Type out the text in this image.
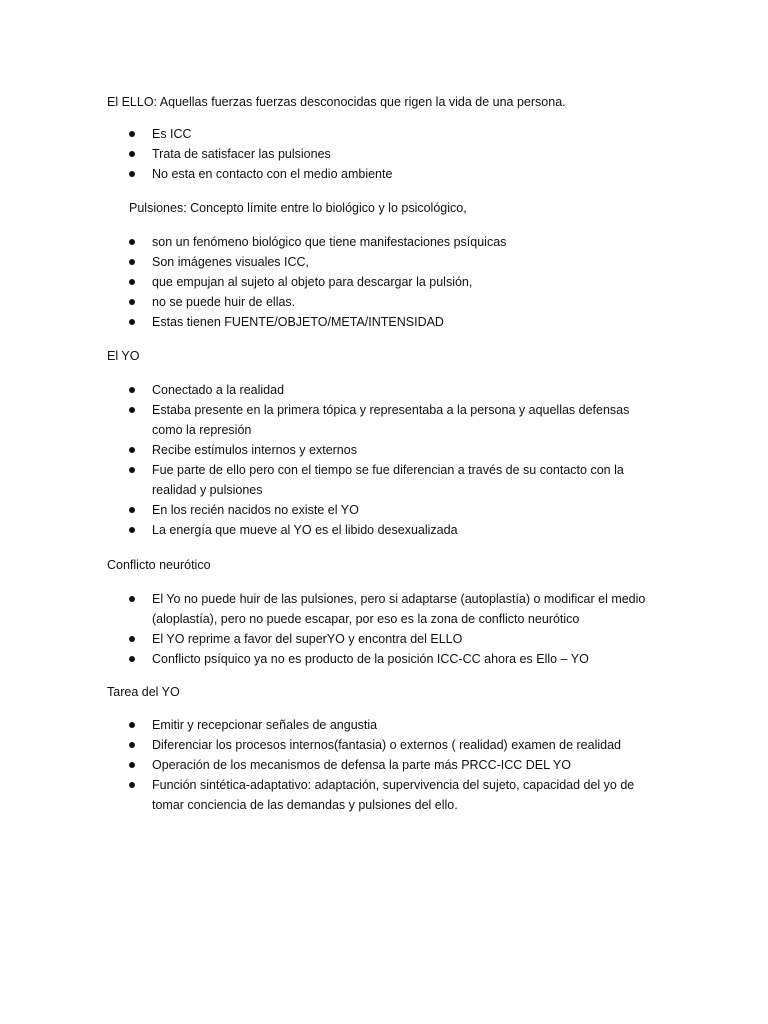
El ELLO: Aquellas fuerzas fuerzas desconocidas que rigen la vida de una persona.
Es ICC
Trata de satisfacer las pulsiones
No esta en contacto con el medio ambiente
Pulsiones: Concepto límite entre lo biológico y lo psicológico,
son un fenómeno biológico que tiene manifestaciones psíquicas
Son imágenes visuales ICC,
que empujan al sujeto al objeto para descargar la pulsión,
no se puede huir de ellas.
Estas tienen FUENTE/OBJETO/META/INTENSIDAD
El YO
Conectado a la realidad
Estaba presente en la primera tópica y representaba a la persona y aquellas defensas como la represión
Recibe estímulos internos y externos
Fue parte de ello pero con el tiempo se fue diferencian a través de su contacto con la realidad y pulsiones
En los recién nacidos no existe el YO
La energía que mueve al YO es el libido desexualizada
Conflicto neurótico
El Yo no puede huir de las pulsiones, pero si adaptarse (autoplastía) o modificar el medio (aloplastía), pero no puede escapar, por eso es la zona de conflicto neurótico
El YO reprime a favor del superYO y encontra del ELLO
Conflicto psíquico ya no es producto de la posición ICC-CC ahora es Ello – YO
Tarea del YO
Emitir y recepcionar señales de angustia
Diferenciar los procesos internos(fantasia) o externos ( realidad) examen de realidad
Operación de los mecanismos de defensa la parte más PRCC-ICC DEL YO
Función sintética-adaptativo: adaptación, supervivencia del sujeto, capacidad del yo de tomar conciencia de las demandas y pulsiones del ello.
